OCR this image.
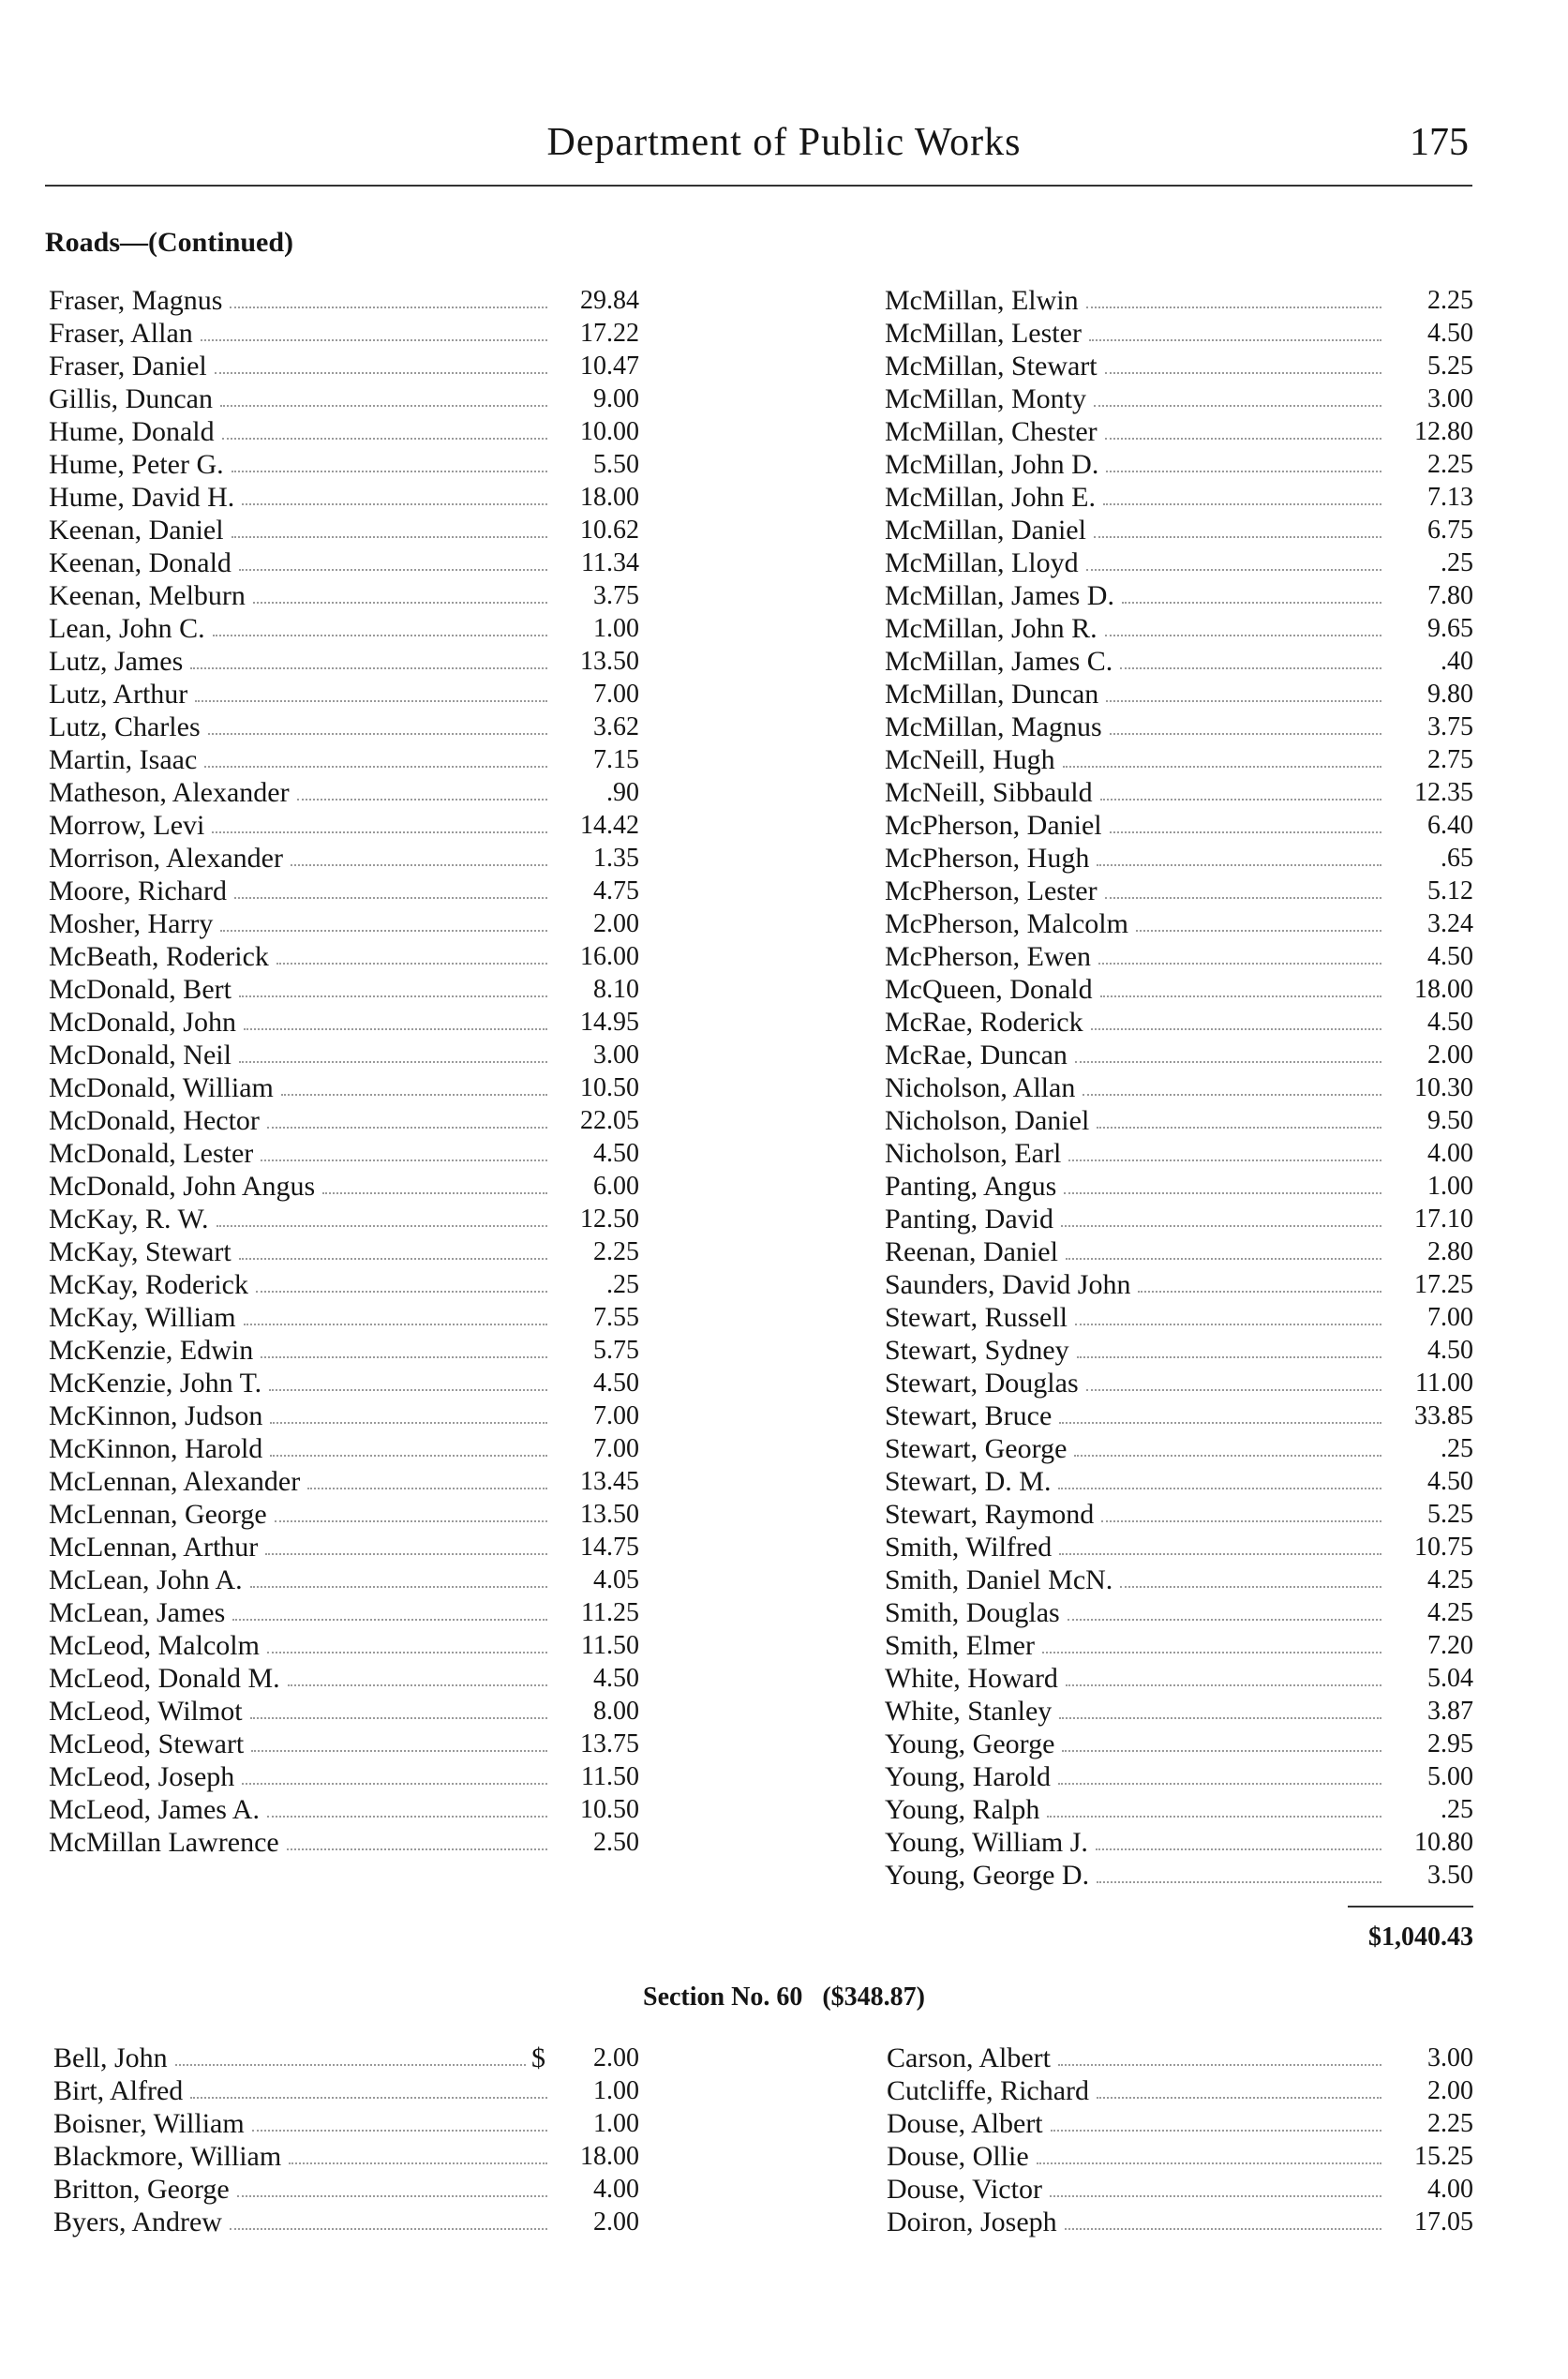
Department of Public Works	175
Roads—(Continued)
Fraser, Magnus	29.84
Fraser, Allan	17.22
Fraser, Daniel	10.47
Gillis, Duncan	9.00
Hume, Donald	10.00
Hume, Peter G.	5.50
Hume, David H.	18.00
Keenan, Daniel	10.62
Keenan, Donald	11.34
Keenan, Melburn	3.75
Lean, John C.	1.00
Lutz, James	13.50
Lutz, Arthur	7.00
Lutz, Charles	3.62
Martin, Isaac	7.15
Matheson, Alexander	.90
Morrow, Levi	14.42
Morrison, Alexander	1.35
Moore, Richard	4.75
Mosher, Harry	2.00
McBeath, Roderick	16.00
McDonald, Bert	8.10
McDonald, John	14.95
McDonald, Neil	3.00
McDonald, William	10.50
McDonald, Hector	22.05
McDonald, Lester	4.50
McDonald, John Angus	6.00
McKay, R. W.	12.50
McKay, Stewart	2.25
McKay, Roderick	.25
McKay, William	7.55
McKenzie, Edwin	5.75
McKenzie, John T.	4.50
McKinnon, Judson	7.00
McKinnon, Harold	7.00
McLennan, Alexander	13.45
McLennan, George	13.50
McLennan, Arthur	14.75
McLean, John A.	4.05
McLean, James	11.25
McLeod, Malcolm	11.50
McLeod, Donald M.	4.50
McLeod, Wilmot	8.00
McLeod, Stewart	13.75
McLeod, Joseph	11.50
McLeod, James A.	10.50
McMillan Lawrence	2.50
McMillan, Elwin	2.25
McMillan, Lester	4.50
McMillan, Stewart	5.25
McMillan, Monty	3.00
McMillan, Chester	12.80
McMillan, John D.	2.25
McMillan, John E.	7.13
McMillan, Daniel	6.75
McMillan, Lloyd	.25
McMillan, James D.	7.80
McMillan, John R.	9.65
McMillan, James C.	.40
McMillan, Duncan	9.80
McMillan, Magnus	3.75
McNeill, Hugh	2.75
McNeill, Sibbauld	12.35
McPherson, Daniel	6.40
McPherson, Hugh	.65
McPherson, Lester	5.12
McPherson, Malcolm	3.24
McPherson, Ewen	4.50
McQueen, Donald	18.00
McRae, Roderick	4.50
McRae, Duncan	2.00
Nicholson, Allan	10.30
Nicholson, Daniel	9.50
Nicholson, Earl	4.00
Panting, Angus	1.00
Panting, David	17.10
Reenan, Daniel	2.80
Saunders, David John	17.25
Stewart, Russell	7.00
Stewart, Sydney	4.50
Stewart, Douglas	11.00
Stewart, Bruce	33.85
Stewart, George	.25
Stewart, D. M.	4.50
Stewart, Raymond	5.25
Smith, Wilfred	10.75
Smith, Daniel McN.	4.25
Smith, Douglas	4.25
Smith, Elmer	7.20
White, Howard	5.04
White, Stanley	3.87
Young, George	2.95
Young, Harold	5.00
Young, Ralph	.25
Young, William J.	10.80
Young, George D.	3.50
$1,040.43
Section No. 60 ($348.87)
Bell, John	$	2.00
Birt, Alfred	1.00
Boisner, William	1.00
Blackmore, William	18.00
Britton, George	4.00
Byers, Andrew	2.00
Carson, Albert	3.00
Cutcliffe, Richard	2.00
Douse, Albert	2.25
Douse, Ollie	15.25
Douse, Victor	4.00
Doiron, Joseph	17.05
